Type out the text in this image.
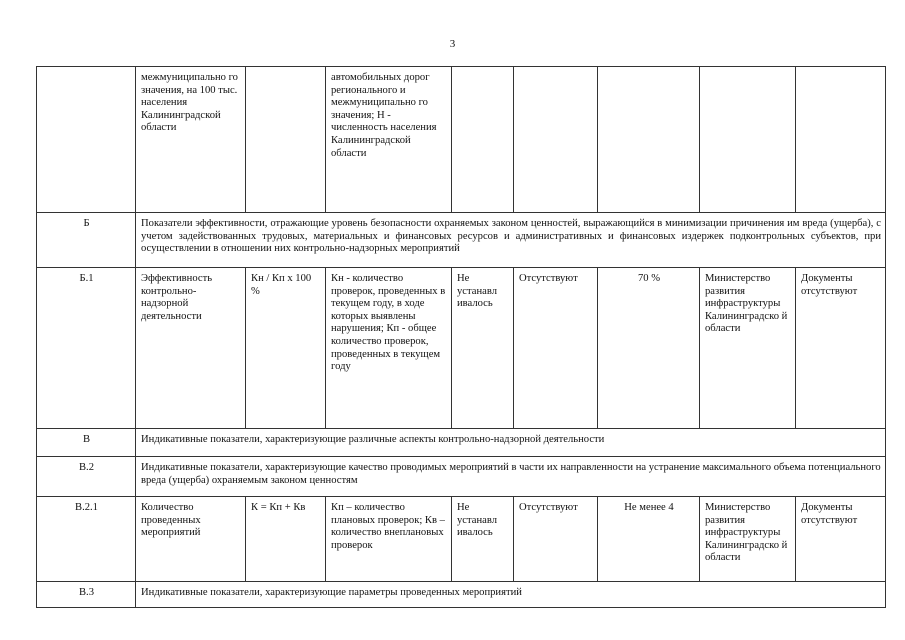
3
	межмуниципально го значения, на 100 тыс. населения Калининградской области		автомобильных дорог регионального и межмуниципально го значения; Н - численность населения Калининградской области					
Б	Показатели эффективности, отражающие уровень безопасности охраняемых законом ценностей, выражающийся в минимизации причинения им вреда (ущерба), с учетом задействованных трудовых, материальных и финансовых ресурсов и административных и финансовых издержек подконтрольных субъектов, при осуществлении в отношении них контрольно-надзорных мероприятий							
Б.1	Эффективность контрольно-надзорной деятельности	Кн / Кп х 100 %	Кн - количество проверок, проведенных в текущем году, в ходе которых выявлены нарушения; Кп - общее количество проверок, проведенных в текущем году	Не устанавл ивалось	Отсутствуют	70 %	Министерство развития инфраструктуры Калининградско й области	Документы отсутствуют
В	Индикативные показатели, характеризующие различные аспекты контрольно-надзорной деятельности							
В.2	Индикативные показатели, характеризующие качество проводимых мероприятий в части их направленности на устранение максимального объема потенциального вреда (ущерба) охраняемым законом ценностям							
В.2.1	Количество проведенных мероприятий	К = Кп + Кв	Кп – количество плановых проверок; Кв – количество внеплановых проверок	Не устанавл ивалось	Отсутствуют	Не менее 4	Министерство развития инфраструктуры Калининградско й области	Документы отсутствуют
В.3	Индикативные показатели, характеризующие параметры проведенных мероприятий							
